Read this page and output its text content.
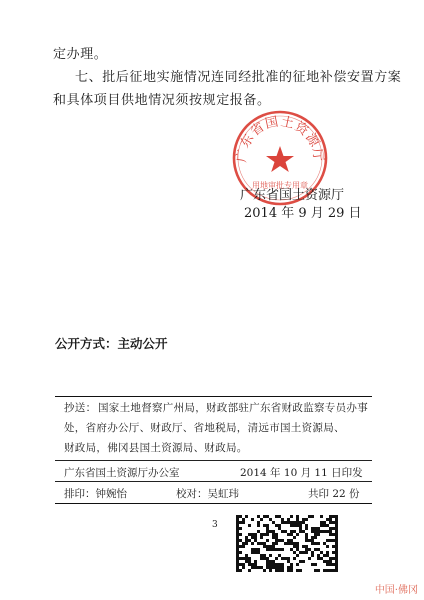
定办理。
七、批后征地实施情况连同经批准的征地补偿安置方案
和具体项目供地情况须按规定报备。
广东省国土资源厅
用地审批专用章
广东省国土资源厅
2014 年 9 月 29 日
公开方式：主动公开
抄送： 国家土地督察广州局，财政部驻广东省财政监察专员办事
处，省府办公厅、财政厅、省地税局，清远市国土资源局、
财政局，佛冈县国土资源局、财政局。
广东省国土资源厅办公室	2014 年 10 月 11 日印发
排印：钟婉怡	校对：吴虹玮	共印 22 份
3
中国·佛冈
